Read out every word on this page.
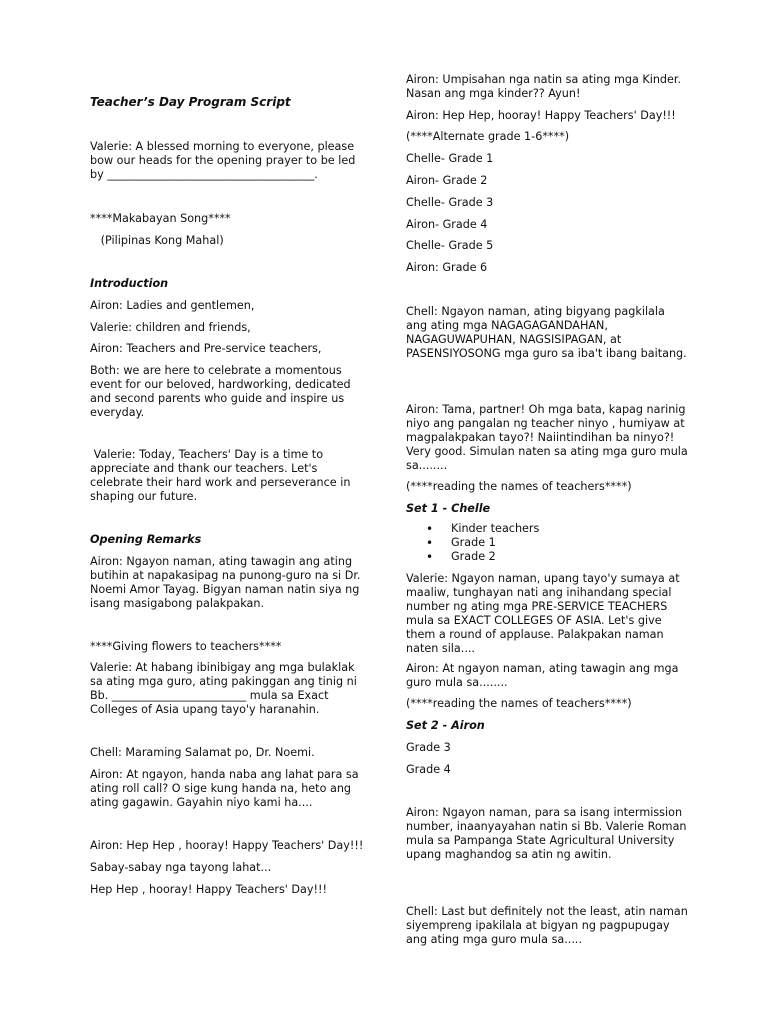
Teacher’s Day Program Script

Valerie: A blessed morning to everyone, please bow our heads for the opening prayer to be led by _____________________________________.

****Makabayan Song****

(Pilipinas Kong Mahal)

Introduction

Airon: Ladies and gentlemen,

Valerie: children and friends,

Airon: Teachers and Pre-service teachers,

Both: we are here to celebrate a momentous event for our beloved, hardworking, dedicated and second parents who guide and inspire us everyday.

Valerie: Today, Teachers' Day is a time to appreciate and thank our teachers. Let's celebrate their hard work and perseverance in shaping our future.

Opening Remarks

Airon: Ngayon naman, ating tawagin ang ating butihin at napakasipag na punong-guro na si Dr. Noemi Amor Tayag. Bigyan naman natin siya ng isang masigabong palakpakan.

****Giving flowers to teachers****

Valerie: At habang ibinibigay ang mga bulaklak sa ating mga guro, ating pakinggan ang tinig ni Bb. ________________________ mula sa Exact Colleges of Asia upang tayo'y haranahin.

Chell: Maraming Salamat po, Dr. Noemi.

Airon: At ngayon, handa naba ang lahat para sa ating roll call? O sige kung handa na, heto ang ating gagawin. Gayahin niyo kami ha....

Airon: Hep Hep , hooray! Happy Teachers' Day!!!

Sabay-sabay nga tayong lahat...

Hep Hep , hooray! Happy Teachers' Day!!!

Airon: Umpisahan nga natin sa ating mga Kinder. Nasan ang mga kinder?? Ayun!

Airon: Hep Hep, hooray! Happy Teachers' Day!!!

(****Alternate grade 1-6****)

Chelle- Grade 1

Airon- Grade 2

Chelle- Grade 3

Airon- Grade 4

Chelle- Grade 5

Airon: Grade 6

Chell: Ngayon naman, ating bigyang pagkilala ang ating mga NAGAGAGANDAHAN, NAGAGUWAPUHAN, NAGSISIPAGAN, at PASENSIYOSONG mga guro sa iba't ibang baitang.

Airon: Tama, partner! Oh mga bata, kapag narinig niyo ang pangalan ng teacher ninyo , humiyaw at magpalakpakan tayo?! Naiintindihan ba ninyo?! Very good. Simulan naten sa ating mga guro mula sa........

(****reading the names of teachers****)

Set 1 - Chelle

• Kinder teachers
• Grade 1
• Grade 2

Valerie: Ngayon naman, upang tayo'y sumaya at maaliw, tunghayan nati ang inihandang special number ng ating mga PRE-SERVICE TEACHERS mula sa EXACT COLLEGES OF ASIA. Let's give them a round of applause. Palakpakan naman naten sila....

Airon: At ngayon naman, ating tawagin ang mga guro mula sa........

(****reading the names of teachers****)

Set 2 - Airon

Grade 3

Grade 4

Airon: Ngayon naman, para sa isang intermission number, inaanyayahan natin si Bb. Valerie Roman mula sa Pampanga State Agricultural University upang maghandog sa atin ng awitin.

Chell: Last but definitely not the least, atin naman siyempreng ipakilala at bigyan ng pagpupugay ang ating mga guro mula sa.....
